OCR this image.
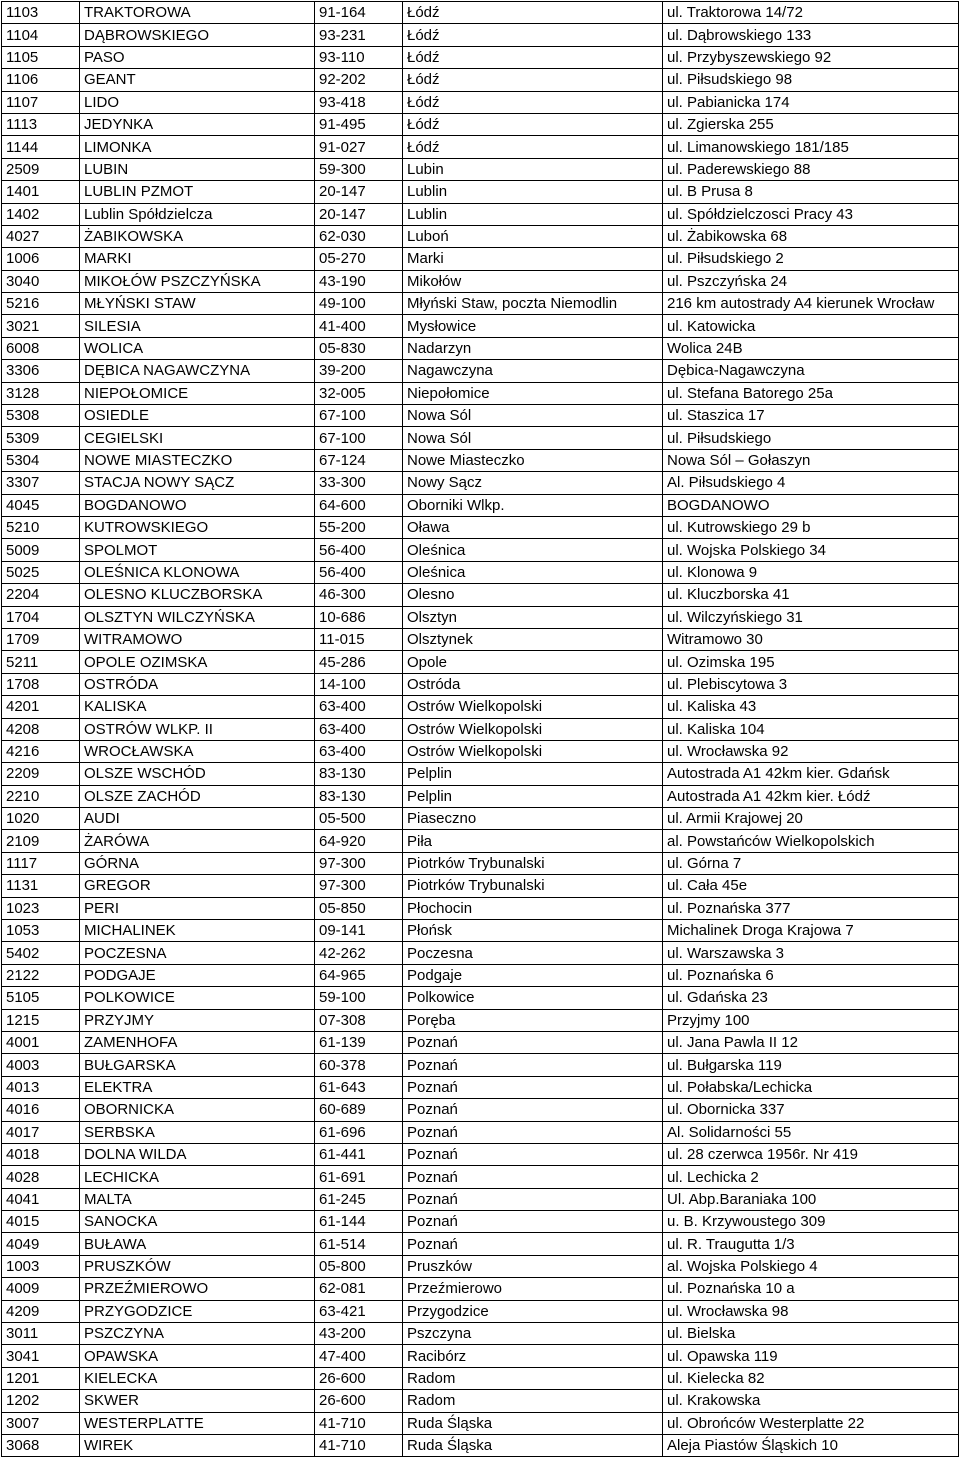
1103	TRAKTOROWA	91-164	Łódź	ul. Traktorowa 14/72
1104	DĄBROWSKIEGO	93-231	Łódź	ul. Dąbrowskiego 133
1105	PASO	93-110	Łódź	ul. Przybyszewskiego 92
1106	GEANT	92-202	Łódź	ul. Piłsudskiego 98
1107	LIDO	93-418	Łódź	ul. Pabianicka 174
1113	JEDYNKA	91-495	Łódź	ul. Zgierska 255
1144	LIMONKA	91-027	Łódź	ul. Limanowskiego 181/185
2509	LUBIN	59-300	Lubin	ul. Paderewskiego 88
1401	LUBLIN PZMOT	20-147	Lublin	ul. B Prusa 8
1402	Lublin Spółdzielcza	20-147	Lublin	ul. Spółdzielczosci Pracy 43
4027	ŻABIKOWSKA	62-030	Luboń	ul. Żabikowska 68
1006	MARKI	05-270	Marki	ul. Piłsudskiego 2
3040	MIKOŁÓW PSZCZYŃSKA	43-190	Mikołów	ul. Pszczyńska 24
5216	MŁYŃSKI STAW	49-100	Młyński Staw, poczta Niemodlin	216 km autostrady A4 kierunek Wrocław
3021	SILESIA	41-400	Mysłowice	ul. Katowicka
6008	WOLICA	05-830	Nadarzyn	Wolica 24B
3306	DĘBICA NAGAWCZYNA	39-200	Nagawczyna	Dębica-Nagawczyna
3128	NIEPOŁOMICE	32-005	Niepołomice	ul. Stefana Batorego 25a
5308	OSIEDLE	67-100	Nowa Sól	ul. Staszica 17
5309	CEGIELSKI	67-100	Nowa Sól	ul. Piłsudskiego
5304	NOWE MIASTECZKO	67-124	Nowe Miasteczko	Nowa Sól – Gołaszyn
3307	STACJA NOWY SĄCZ	33-300	Nowy Sącz	Al. Piłsudskiego 4
4045	BOGDANOWO	64-600	Oborniki Wlkp.	BOGDANOWO
5210	KUTROWSKIEGO	55-200	Oława	ul. Kutrowskiego 29 b
5009	SPOLMOT	56-400	Oleśnica	ul. Wojska Polskiego 34
5025	OLEŚNICA KLONOWA	56-400	Oleśnica	ul. Klonowa 9
2204	OLESNO KLUCZBORSKA	46-300	Olesno	ul. Kluczborska 41
1704	OLSZTYN WILCZYŃSKA	10-686	Olsztyn	ul. Wilczyńskiego 31
1709	WITRAMOWO	11-015	Olsztynek	Witramowo 30
5211	OPOLE OZIMSKA	45-286	Opole	ul. Ozimska 195
1708	OSTRÓDA	14-100	Ostróda	ul. Plebiscytowa 3
4201	KALISKA	63-400	Ostrów Wielkopolski	ul. Kaliska 43
4208	OSTRÓW WLKP. II	63-400	Ostrów Wielkopolski	ul. Kaliska 104
4216	WROCŁAWSKA	63-400	Ostrów Wielkopolski	ul. Wrocławska 92
2209	OLSZE WSCHÓD	83-130	Pelplin	Autostrada A1 42km kier. Gdańsk
2210	OLSZE ZACHÓD	83-130	Pelplin	Autostrada A1 42km kier. Łódź
1020	AUDI	05-500	Piaseczno	ul. Armii Krajowej 20
2109	ŻARÓWA	64-920	Piła	al. Powstańców Wielkopolskich
1117	GÓRNA	97-300	Piotrków Trybunalski	ul. Górna 7
1131	GREGOR	97-300	Piotrków Trybunalski	ul. Cała 45e
1023	PERI	05-850	Płochocin	ul. Poznańska 377
1053	MICHALINEK	09-141	Płońsk	Michalinek Droga Krajowa 7
5402	POCZESNA	42-262	Poczesna	ul. Warszawska 3
2122	PODGAJE	64-965	Podgaje	ul. Poznańska 6
5105	POLKOWICE	59-100	Polkowice	ul. Gdańska 23
1215	PRZYJMY	07-308	Poręba	Przyjmy 100
4001	ZAMENHOFA	61-139	Poznań	ul. Jana Pawla II 12
4003	BUŁGARSKA	60-378	Poznań	ul. Bułgarska 119
4013	ELEKTRA	61-643	Poznań	ul. Połabska/Lechicka
4016	OBORNICKA	60-689	Poznań	ul. Obornicka 337
4017	SERBSKA	61-696	Poznań	Al. Solidarności 55
4018	DOLNA WILDA	61-441	Poznań	ul. 28 czerwca 1956r. Nr 419
4028	LECHICKA	61-691	Poznań	ul. Lechicka 2
4041	MALTA	61-245	Poznań	Ul. Abp.Baraniaka 100
4015	SANOCKA	61-144	Poznań	u. B. Krzywoustego 309
4049	BUŁAWA	61-514	Poznań	ul. R. Traugutta 1/3
1003	PRUSZKÓW	05-800	Pruszków	al. Wojska Polskiego 4
4009	PRZEŹMIEROWO	62-081	Przeźmierowo	ul. Poznańska 10 a
4209	PRZYGODZICE	63-421	Przygodzice	ul. Wrocławska 98
3011	PSZCZYNA	43-200	Pszczyna	ul. Bielska
3041	OPAWSKA	47-400	Racibórz	ul. Opawska 119
1201	KIELECKA	26-600	Radom	ul. Kielecka 82
1202	SKWER	26-600	Radom	ul. Krakowska
3007	WESTERPLATTE	41-710	Ruda Śląska	ul. Obrońców Westerplatte 22
3068	WIREK	41-710	Ruda Śląska	Aleja Piastów Śląskich 10
